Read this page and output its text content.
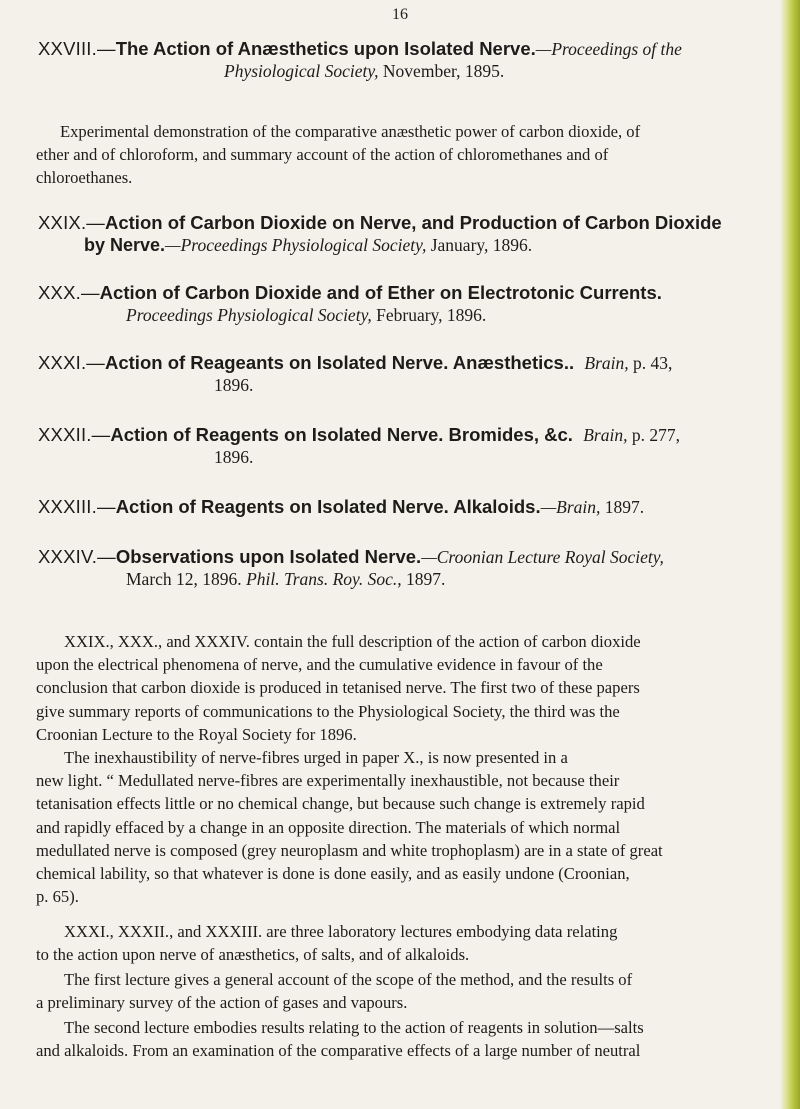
16
XXVIII.—The Action of Anæsthetics upon Isolated Nerve.—Proceedings of the
Physiological Society, November, 1895.
Experimental demonstration of the comparative anæsthetic power of carbon dioxide, of
ether and of chloroform, and summary account of the action of chloromethanes and of
chloroethanes.
XXIX.—Action of Carbon Dioxide on Nerve, and Production of Carbon Dioxide
by Nerve.—Proceedings Physiological Society, January, 1896.
XXX.—Action of Carbon Dioxide and of Ether on Electrotonic Currents.
Proceedings Physiological Society, February, 1896.
XXXI.—Action of Reageants on Isolated Nerve. Anæsthetics.. Brain, p. 43,
1896.
XXXII.—Action of Reagents on Isolated Nerve. Bromides, &c. Brain, p. 277,
1896.
XXXIII.—Action of Reagents on Isolated Nerve. Alkaloids.—Brain, 1897.
XXXIV.—Observations upon Isolated Nerve.—Croonian Lecture Royal Society,
March 12, 1896. Phil. Trans. Roy. Soc., 1897.
XXIX., XXX., and XXXIV. contain the full description of the action of carbon dioxide
upon the electrical phenomena of nerve, and the cumulative evidence in favour of the
conclusion that carbon dioxide is produced in tetanised nerve. The first two of these papers
give summary reports of communications to the Physiological Society, the third was the
Croonian Lecture to the Royal Society for 1896.
The inexhaustibility of nerve-fibres urged in paper X., is now presented in a
new light. “ Medullated nerve-fibres are experimentally inexhaustible, not because their
tetanisation effects little or no chemical change, but because such change is extremely rapid
and rapidly effaced by a change in an opposite direction. The materials of which normal
medullated nerve is composed (grey neuroplasm and white trophoplasm) are in a state of great
chemical lability, so that whatever is done is done easily, and as easily undone (Croonian,
p. 65).
XXXI., XXXII., and XXXIII. are three laboratory lectures embodying data relating
to the action upon nerve of anæsthetics, of salts, and of alkaloids.
The first lecture gives a general account of the scope of the method, and the results of
a preliminary survey of the action of gases and vapours.
The second lecture embodies results relating to the action of reagents in solution—salts
and alkaloids. From an examination of the comparative effects of a large number of neutral
